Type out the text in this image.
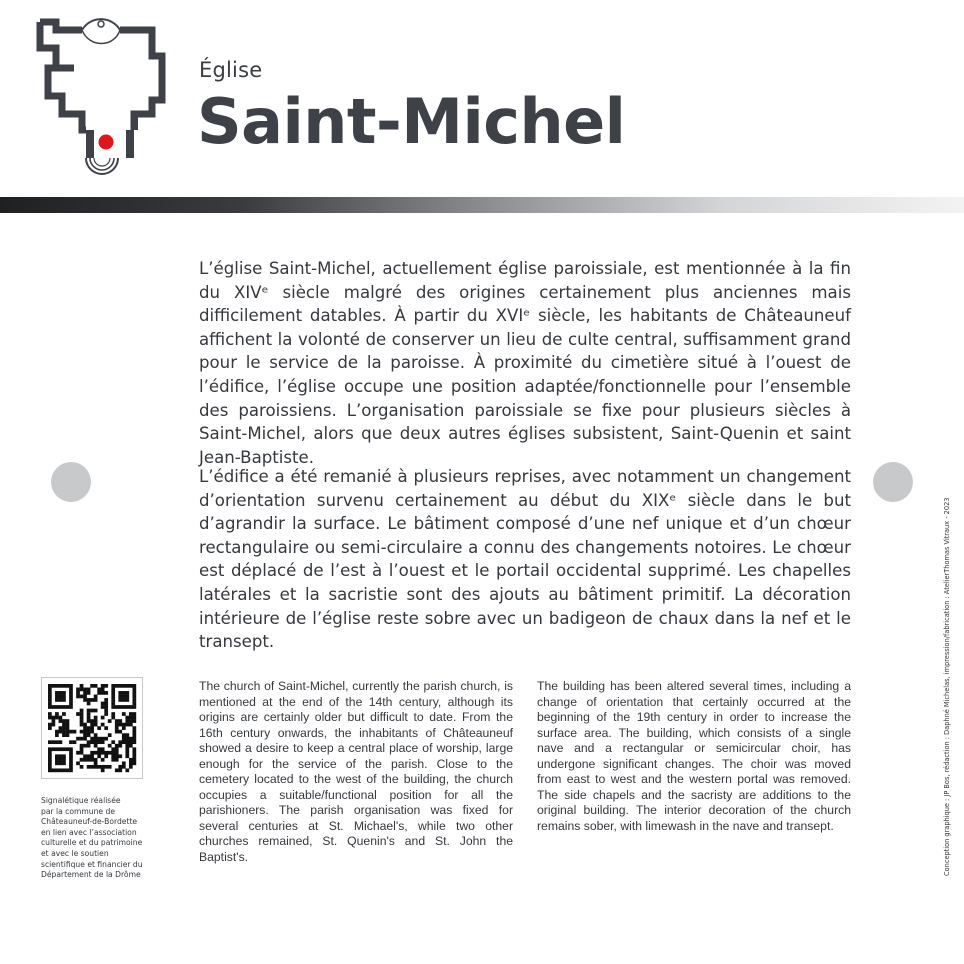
Église
Saint-Michel

L’église Saint-Michel, actuellement église paroissiale, est mentionnée à la fin du XIVᵉ siècle malgré des origines certainement plus anciennes mais difficilement datables. À partir du XVIᵉ siècle, les habitants de Châteauneuf affichent la volonté de conserver un lieu de culte central, suffisamment grand pour le service de la paroisse. À proximité du cimetière situé à l’ouest de l’édifice, l’église occupe une position adaptée/fonctionnelle pour l’ensemble des paroissiens. L’organisation paroissiale se fixe pour plusieurs siècles à Saint-Michel, alors que deux autres églises subsistent, Saint-Quenin et saint Jean-Baptiste.

L’édifice a été remanié à plusieurs reprises, avec notamment un changement d’orientation survenu certainement au début du XIXᵉ siècle dans le but d’agrandir la surface. Le bâtiment composé d’une nef unique et d’un chœur rectangulaire ou semi-circulaire a connu des changements notoires. Le chœur est déplacé de l’est à l’ouest et le portail occidental supprimé. Les chapelles latérales et la sacristie sont des ajouts au bâtiment primitif. La décoration intérieure de l’église reste sobre avec un badigeon de chaux dans la nef et le transept.

Signalétique réalisée
par la commune de
Châteauneuf-de-Bordette
en lien avec l’association
culturelle et du patrimoine
et avec le soutien
scientifique et financier du
Département de la Drôme

The church of Saint-Michel, currently the parish church, is mentioned at the end of the 14th century, although its origins are certainly older but difficult to date. From the 16th century onwards, the inhabitants of Châteauneuf showed a desire to keep a central place of worship, large enough for the service of the parish. Close to the cemetery located to the west of the building, the church occupies a suitable/functional position for all the parishioners. The parish organisation was fixed for several centuries at St. Michael's, while two other churches remained, St. Quenin's and St. John the Baptist's.

The building has been altered several times, including a change of orientation that certainly occurred at the beginning of the 19th century in order to increase the surface area. The building, which consists of a single nave and a rectangular or semicircular choir, has undergone significant changes. The choir was moved from east to west and the western portal was removed. The side chapels and the sacristy are additions to the original building. The interior decoration of the church remains sober, with limewash in the nave and transept.	Conception graphique : JP Bos, rédaction : Daphné Michelas, impression/fabrication : AtelierThomas Vitraux - 2023
